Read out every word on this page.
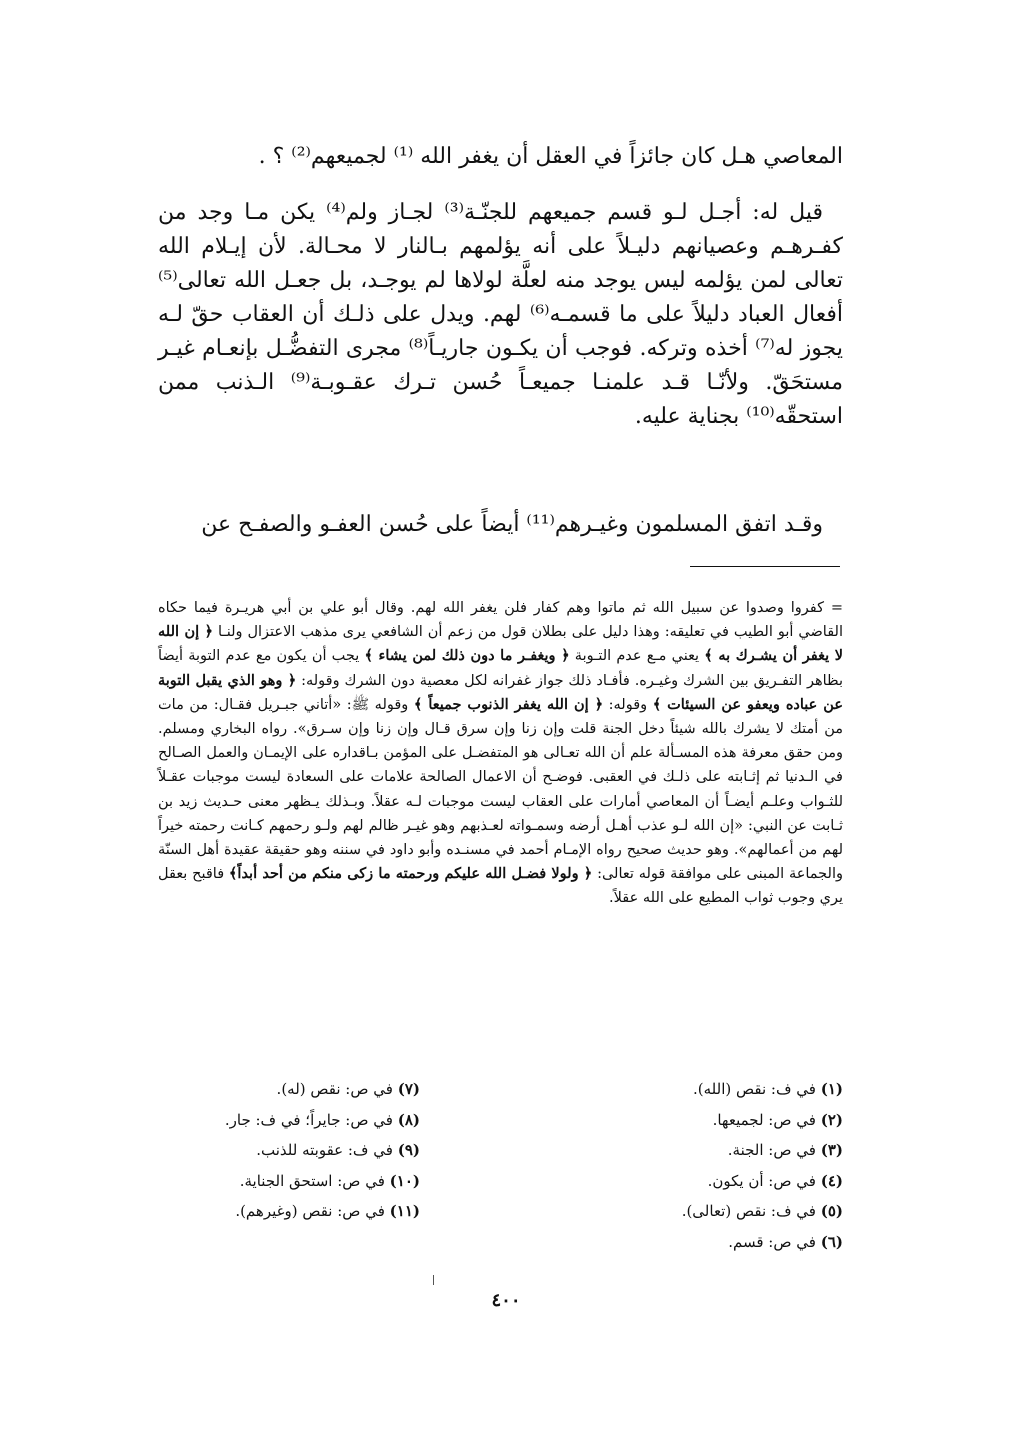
المعاصي هـل كان جائزاً في العقل أن يغفر الله ⁽¹⁾ لجميعهم⁽²⁾ ؟ .

قيل له: أجـل لـو قسم جميعهم للجنّـة⁽³⁾ لجـاز ولم⁽⁴⁾ يكن مـا وجد من كفـرهـم وعصيانهم دليـلاً على أنه يؤلمهم بـالنار لا محـالة. لأن إيـلام الله تعالى لمن يؤلمه ليس يوجد منه لعلَّة لولاها لم يوجـد، بل جعـل الله تعالى⁽⁵⁾ أفعال العباد دليلاً على ما قسمـه⁽⁶⁾ لهم. ويدل على ذلـك أن العقاب حقّ لـه يجوز له⁽⁷⁾ أخذه وتركه. فوجب أن يكـون جاريـاً⁽⁸⁾ مجرى التفضُّـل بإنعـام غيـر مستحَقّ. ولأنّـا قـد علمنـا جميعـاً حُسن تـرك عقـوبـة⁽⁹⁾ الـذنب ممن استحقّه⁽¹⁰⁾ بجناية عليه.

وقـد اتفق المسلمون وغيـرهم⁽¹¹⁾ أيضاً على حُسن العفـو والصفـح عن

= كفروا وصدوا عن سبيل الله ثم ماتوا وهم كفار فلن يغفر الله لهم. وقال أبو علي بن أبي هريـرة فيما حكاه القاضي أبو الطيب في تعليقه: وهذا دليل على بطلان قول من زعم أن الشافعي يرى مذهب الاعتزال ولنـا ﴿ إن الله لا يغفر أن يشـرك به ﴾ يعني مـع عدم التـوبة ﴿ ويغفـر ما دون ذلك لمن يشاء ﴾ يجب أن يكون مع عدم التوبة أيضاً بظاهر التفـريق بين الشرك وغيـره. فأفـاد ذلك جواز غفرانه لكل معصية دون الشرك وقوله: ﴿ وهو الذي يقبل التوبة عن عباده ويعفو عن السيئات ﴾ وقوله: ﴿ إن الله يغفر الذنوب جميعاً ﴾ وقوله ﷺ: «أتاني جبـريل فقـال: من مات من أمتك لا يشرك بالله شيئاً دخل الجنة قلت وإن زنا وإن سرق قـال وإن زنا وإن سـرق». رواه البخاري ومسلم. ومن حقق معرفة هذه المسـألة علم أن الله تعـالى هو المتفضـل على المؤمن بـاقداره على الإيمـان والعمل الصـالح في الـدنيا ثم إثـابته على ذلـك في العقبى. فوضـح أن الاعمال الصالحة علامات على السعادة ليست موجبات عقـلاً للثـواب وعلـم أيضـاً أن المعاصي أمارات على العقاب ليست موجبات لـه عقلاً. وبـذلك يـظهر معنى حـديث زيد بن ثـابت عن النبي: «إن الله لـو عذب أهـل أرضه وسمـواته لعـذبهم وهو غيـر ظالم لهم ولـو رحمهم كـانت رحمته خيراً لهم من أعمالهم». وهو حديث صحيح رواه الإمـام أحمد في مسنـده وأبو داود في سننه وهو حقيقة عقيدة أهل السنّة والجماعة المبنى على موافقة قوله تعالى: ﴿ ولولا فضـل الله عليكم ورحمته ما زكى منكم من أحد أبداً﴾ فاقبح بعقل يري وجوب ثواب المطيع على الله عقلاً.
(١) في ف: نقص (الله).
(٢) في ص: لجميعها.
(٣) في ص: الجنة.
(٤) في ص: أن يكون.
(٥) في ف: نقص (تعالى).
(٦) في ص: قسم.
(٧) في ص: نقص (له).
(٨) في ص: جايراً؛ في ف: جار.
(٩) في ف: عقوبته للذنب.
(١٠) في ص: استحق الجناية.
(١١) في ص: نقص (وغيرهم).
٤٠٠
